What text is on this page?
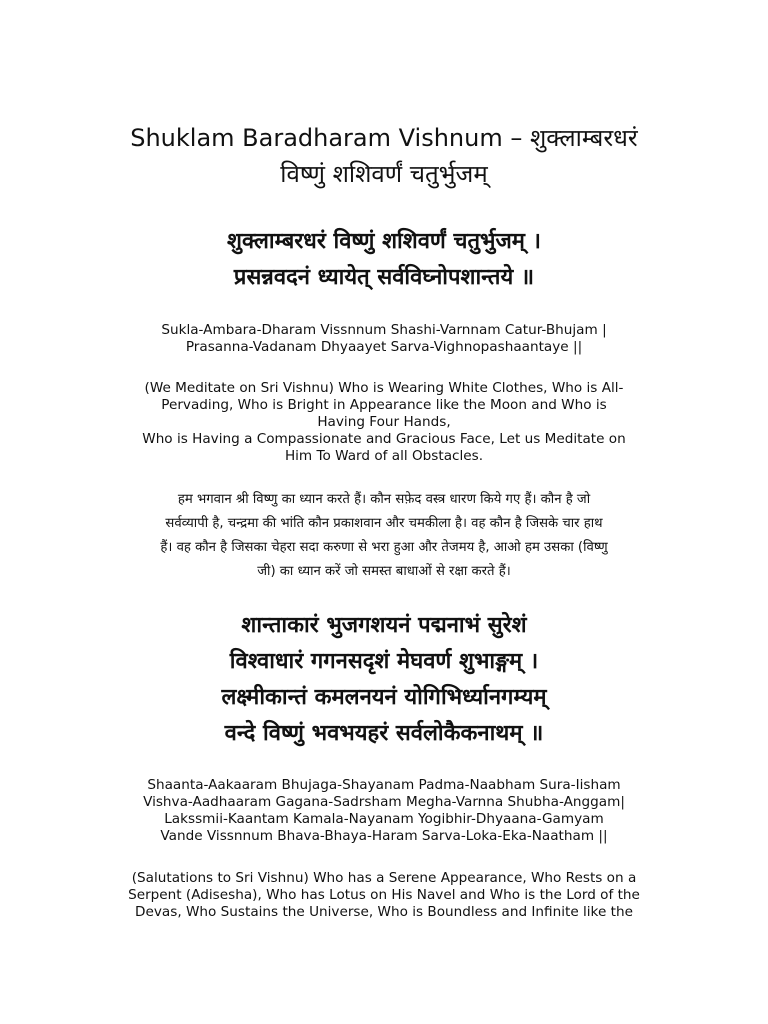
Shuklam Baradharam Vishnum – शुक्लाम्बरधरं
विष्णुं शशिवर्णं चतुर्भुजम्
शुक्लाम्बरधरं विष्णुं शशिवर्णं चतुर्भुजम् ।
प्रसन्नवदनं ध्यायेत् सर्वविघ्नोपशान्तये ॥
Sukla-Ambara-Dharam Vissnnum Shashi-Varnnam Catur-Bhujam |
Prasanna-Vadanam Dhyaayet Sarva-Vighnopashaantaye ||
(We Meditate on Sri Vishnu) Who is Wearing White Clothes, Who is All-
Pervading, Who is Bright in Appearance like the Moon and Who is
Having Four Hands,
Who is Having a Compassionate and Gracious Face, Let us Meditate on
Him To Ward of all Obstacles.
हम भगवान श्री विष्णु का ध्यान करते हैं। कौन सफ़ेद वस्त्र धारण किये गए हैं। कौन है जो
सर्वव्यापी है, चन्द्रमा की भांति कौन प्रकाशवान और चमकीला है। वह कौन है जिसके चार हाथ
हैं। वह कौन है जिसका चेहरा सदा करुणा से भरा हुआ और तेजमय है, आओ हम उसका (विष्णु
जी) का ध्यान करें जो समस्त बाधाओं से रक्षा करते हैं।
शान्ताकारं भुजगशयनं पद्मनाभं सुरेशं
विश्वाधारं गगनसदृशं मेघवर्ण शुभाङ्गम् ।
लक्ष्मीकान्तं कमलनयनं योगिभिर्ध्यानगम्यम्
वन्दे विष्णुं भवभयहरं सर्वलोकैकनाथम् ॥
Shaanta-Aakaaram Bhujaga-Shayanam Padma-Naabham Sura-Iisham
Vishva-Aadhaaram Gagana-Sadrsham Megha-Varnna Shubha-Anggam|
Lakssmii-Kaantam Kamala-Nayanam Yogibhir-Dhyaana-Gamyam
Vande Vissnnum Bhava-Bhaya-Haram Sarva-Loka-Eka-Naatham ||
(Salutations to Sri Vishnu) Who has a Serene Appearance, Who Rests on a
Serpent (Adisesha), Who has Lotus on His Navel and Who is the Lord of the
Devas, Who Sustains the Universe, Who is Boundless and Infinite like the
